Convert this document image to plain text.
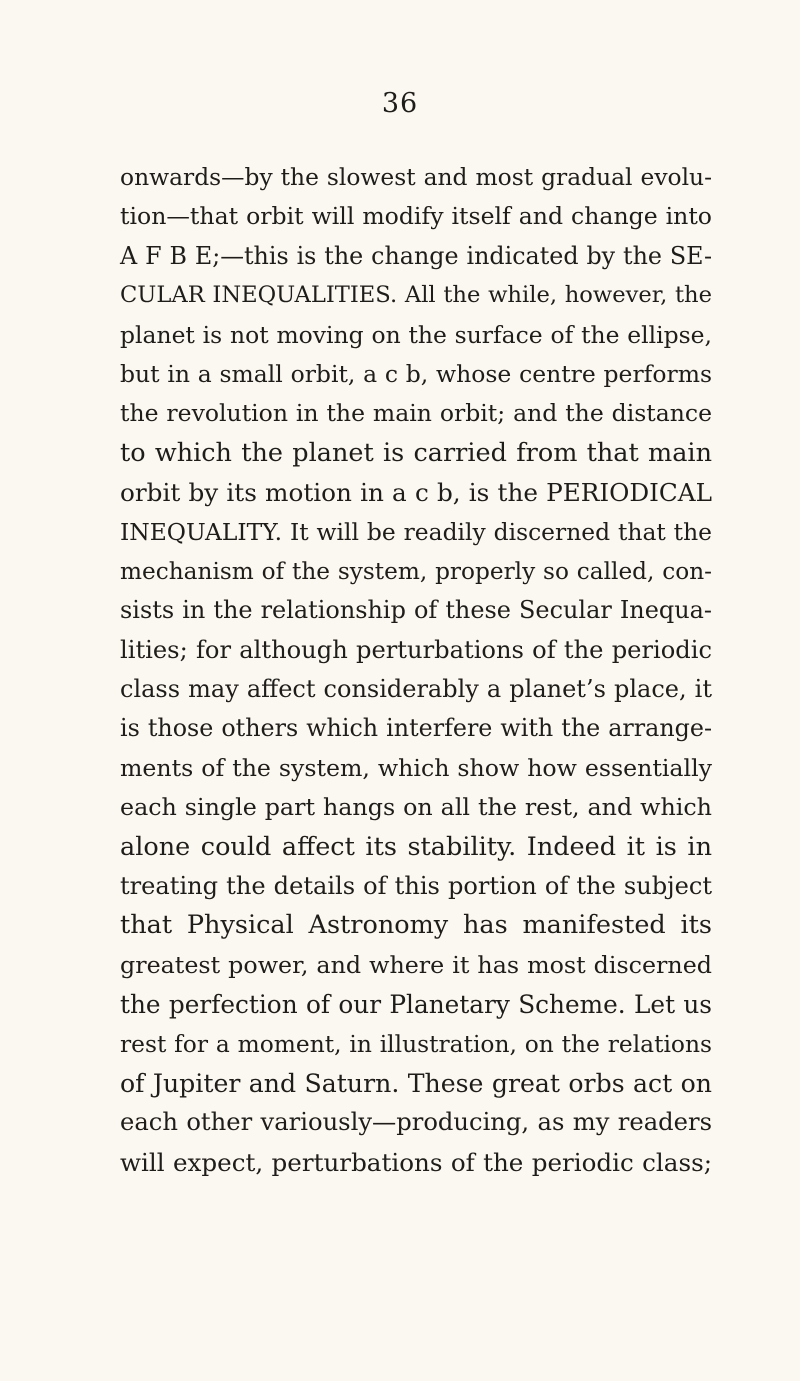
36
onwards—by the slowest and most gradual evolu-
tion—that orbit will modify itself and change into
A F B E;—this is the change indicated by the SE-
CULAR INEQUALITIES. All the while, however, the
planet is not moving on the surface of the ellipse,
but in a small orbit, a c b, whose centre performs
the revolution in the main orbit; and the distance
to which the planet is carried from that main
orbit by its motion in a c b, is the PERIODICAL
INEQUALITY. It will be readily discerned that the
mechanism of the system, properly so called, con-
sists in the relationship of these Secular Inequa-
lities; for although perturbations of the periodic
class may affect considerably a planet’s place, it
is those others which interfere with the arrange-
ments of the system, which show how essentially
each single part hangs on all the rest, and which
alone could affect its stability. Indeed it is in
treating the details of this portion of the subject
that Physical Astronomy has manifested its
greatest power, and where it has most discerned
the perfection of our Planetary Scheme. Let us
rest for a moment, in illustration, on the relations
of Jupiter and Saturn. These great orbs act on
each other variously—producing, as my readers
will expect, perturbations of the periodic class;
